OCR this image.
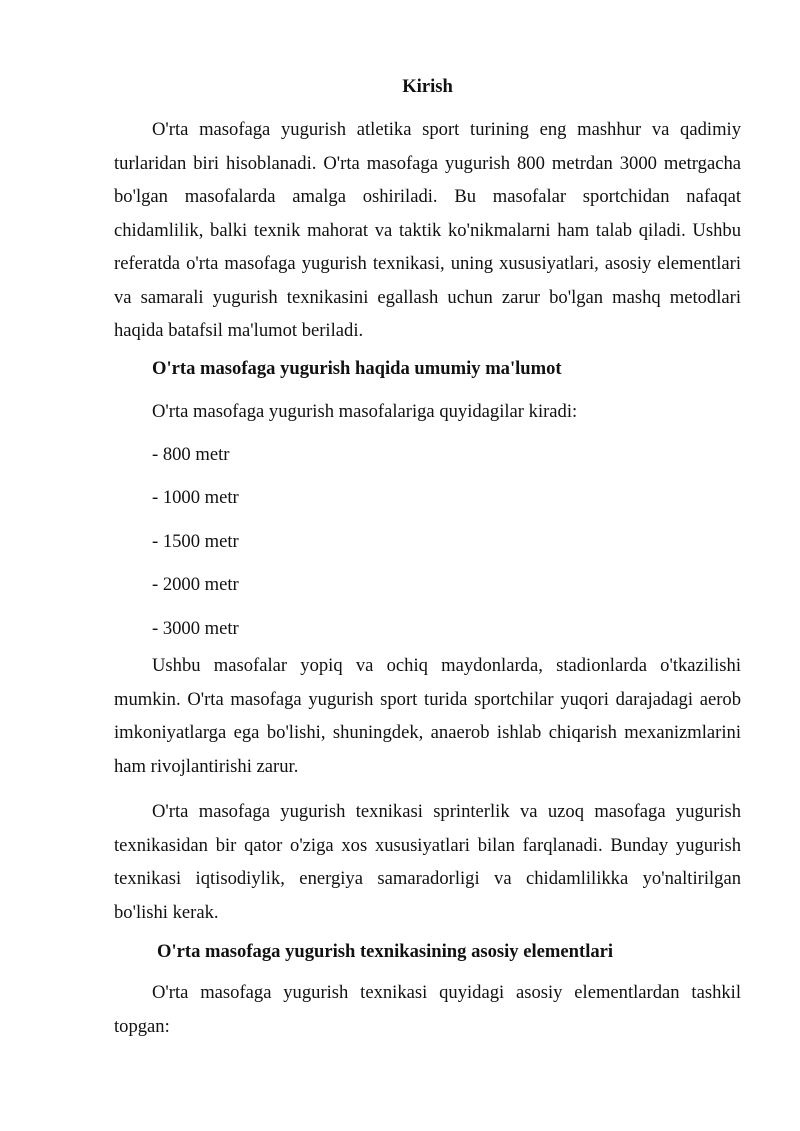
Kirish

O'rta masofaga yugurish atletika sport turining eng mashhur va qadimiy turlaridan biri hisoblanadi. O'rta masofaga yugurish 800 metrdan 3000 metrgacha bo'lgan masofalarda amalga oshiriladi. Bu masofalar sportchidan nafaqat chidamlilik, balki texnik mahorat va taktik ko'nikmalarni ham talab qiladi. Ushbu referatda o'rta masofaga yugurish texnikasi, uning xususiyatlari, asosiy elementlari va samarali yugurish texnikasini egallash uchun zarur bo'lgan mashq metodlari haqida batafsil ma'lumot beriladi.

O'rta masofaga yugurish haqida umumiy ma'lumot
O'rta masofaga yugurish masofalariga quyidagilar kiradi:
- 800 metr
- 1000 metr
- 1500 metr
- 2000 metr
- 3000 metr

Ushbu masofalar yopiq va ochiq maydonlarda, stadionlarda o'tkazilishi mumkin. O'rta masofaga yugurish sport turida sportchilar yuqori darajadagi aerob imkoniyatlarga ega bo'lishi, shuningdek, anaerob ishlab chiqarish mexanizmlarini ham rivojlantirishi zarur.

O'rta masofaga yugurish texnikasi sprinterlik va uzoq masofaga yugurish texnikasidan bir qator o'ziga xos xususiyatlari bilan farqlanadi. Bunday yugurish texnikasi iqtisodiylik, energiya samaradorligi va chidamlilikka yo'naltirilgan bo'lishi kerak.

O'rta masofaga yugurish texnikasining asosiy elementlari

O'rta masofaga yugurish texnikasi quyidagi asosiy elementlardan tashkil topgan:
